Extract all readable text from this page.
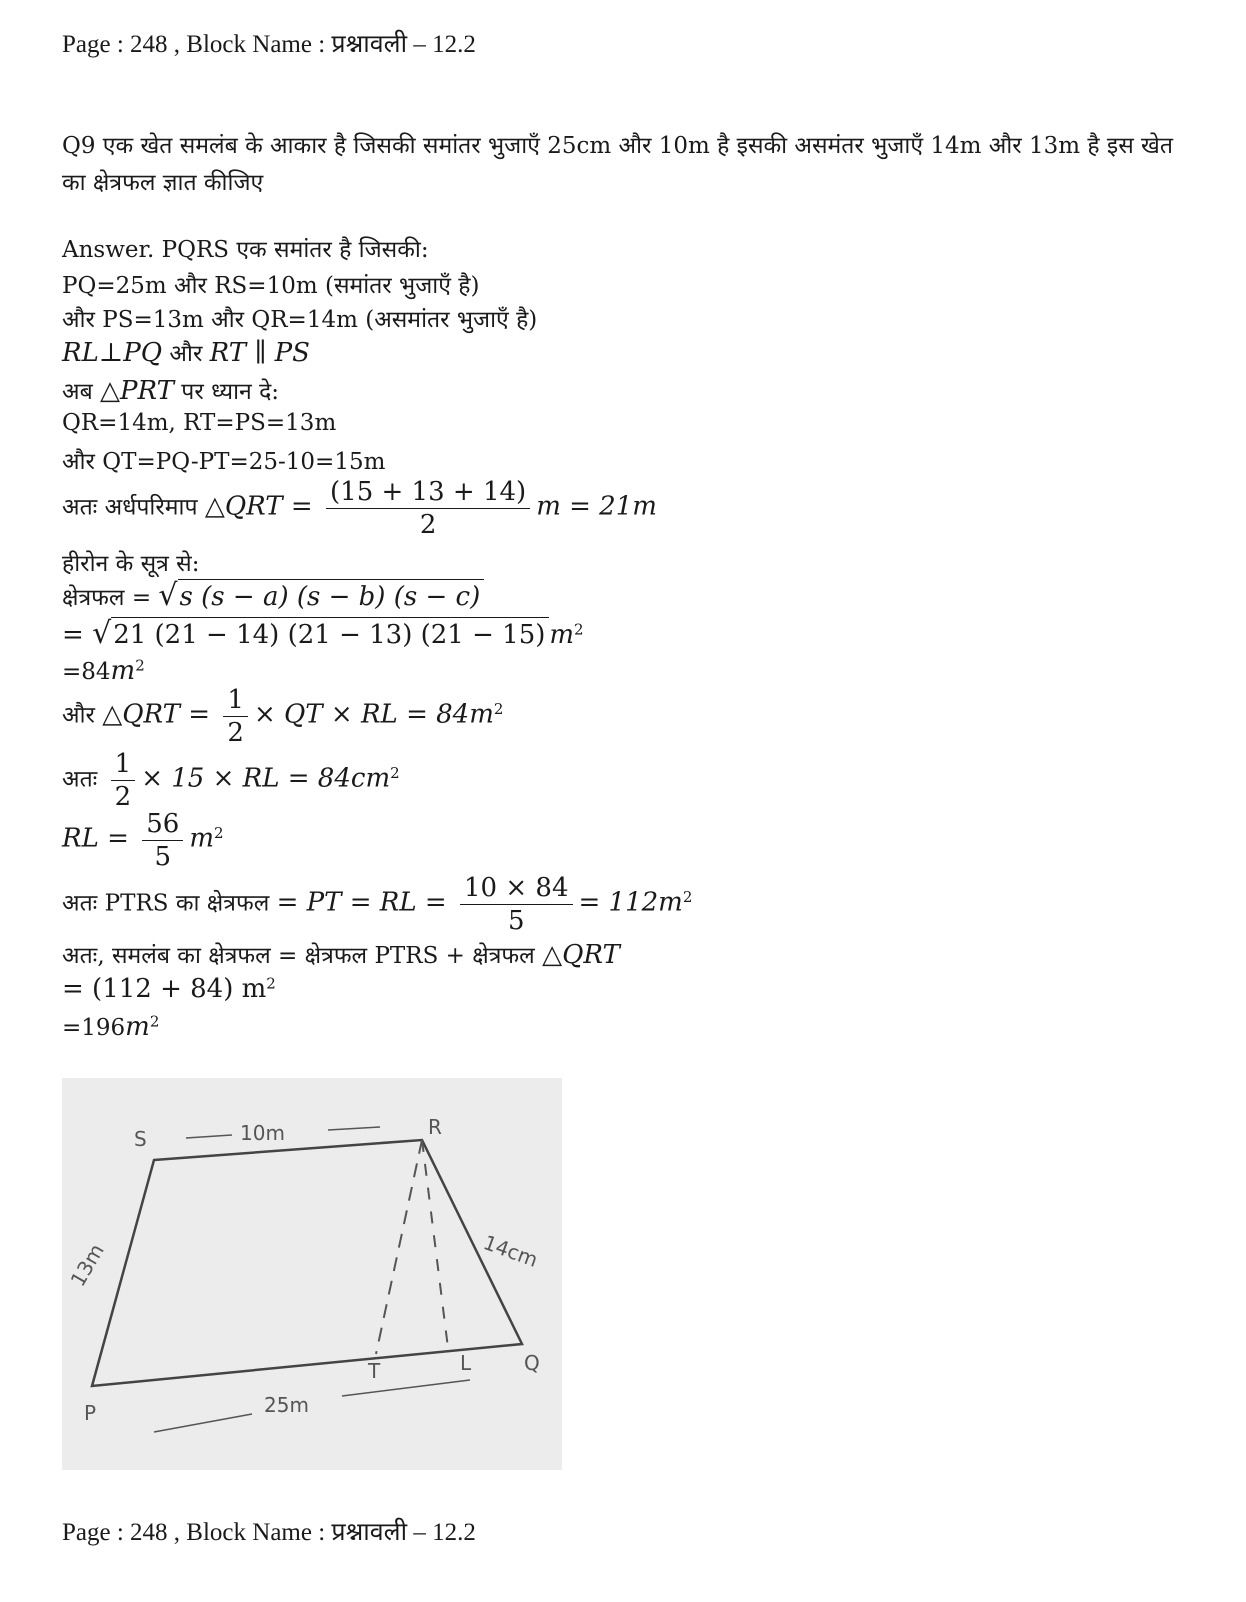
Page : 248 , Block Name : प्रश्नावली – 12.2
Q9 एक खेत समलंब के आकार है जिसकी समांतर भुजाएँ 25cm और 10m है इसकी असमंतर भुजाएँ 14m और 13m है इस खेत का क्षेत्रफल ज्ञात कीजिए
Answer. PQRS एक समांतर है जिसकी:
PQ=25m और RS=10m (समांतर भुजाएँ है)
और PS=13m और QR=14m (असमांतर भुजाएँ है)
RL⊥PQ और RT ∥ PS
अब △PRT पर ध्यान दे:
QR=14m, RT=PS=13m
और QT=PQ-PT=25-10=15m
अतः अर्धपरिमाप △QRT = $\frac{(15 + 13 + 14)}{2}$ m = 21m
हीरोन के सूत्र से:
क्षेत्रफल = √s (s − a) (s − b) (s − c)
= √21 (21 − 14) (21 − 13) (21 − 15) $m^2$
$=84m^2$
और △QRT = $\frac{1}{2}$ × QT × RL = $84m^2$
अतः $\frac{1}{2} \times 15$ × RL = $84cm^2$
RL = $\frac{56}{5} m^2$
अतः PTRS का क्षेत्रफल = PT = RL = $\frac{10 \times 84}{5} = 112m^2$
अतः, समलंब का क्षेत्रफल = क्षेत्रफल PTRS + क्षेत्रफल △QRT
= (112 + 84) $m^2$
$=196m^2$
10m
S	R
13m	14cm
T	L	Q
P	25m
Page : 248 , Block Name : प्रश्नावली – 12.2
